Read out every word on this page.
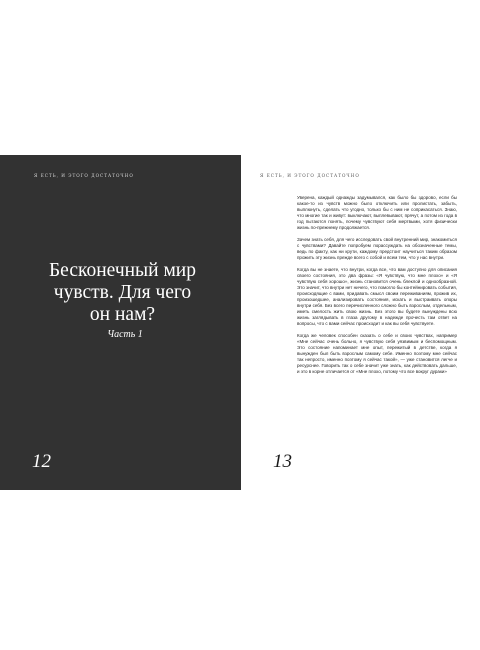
Я ЕСТЬ, И ЭТОГО ДОСТАТОЧНО
Бесконечный мир
чувств. Для чего
он нам?
Часть 1
12
Я ЕСТЬ, И ЭТОГО ДОСТАТОЧНО

Уверена, каждый однажды задумывался, как было бы здорово, если бы какое-то из чувств можно было отключить или пролистать, забыть, выплюнуть, сделать что угодно, только бы с ним не соприкасаться. Знаю, что многие так и живут: выключают, выплевывают, прячут, а потом из года в год пытаются понять, почему чувствуют себя мертвыми, хотя физически жизнь по-прежнему продолжается.

Зачем знать себя, для чего исследовать свой внутренний мир, знакомиться с чувствами? Давайте попробуем порассуждать на обозначенные темы, ведь по факту, как ни крути, каждому предстоит научиться таким образом прожить эту жизнь прежде всего с собой и всем тем, что у нас внутри.

Когда вы не знаете, что внутри, когда все, что вам доступно для описания своего состояния, это два фразы: «Я чувствую, что мне плохо» и «Я чувствую себя хорошо», жизнь становится очень блеклой и однообразной. Это значит, что внутри нет ничего, что помогло бы контейнировать события, происходящие с вами, придавать смысл своим переживаниям, прожив их, произошедшее, анализировать состояния, искать и выстраивать опоры внутри себя. Без всего перечисленного сложно быть взрослым, отдельным, иметь смелость жить свою жизнь. Без этого вы будете вынуждены всю жизнь заглядывать в глаза другому в надежде прочесть там ответ на вопросы, что с вами сейчас происходит и как вы себя чувствуете.

Когда же человек способен сказать о себе и своих чувствах, например «Мне сейчас очень больно, я чувствую себя уязвимым и беспомощным. Это состояние напоминает мне опыт, пережитый в детстве, когда я вынужден был быть взрослым самому себе. Именно поэтому мне сейчас так непросто, именно поэтому я сейчас такой», — уже становится легче и ресурснее. Говорить так о себе значит уже знать, как действовать дальше, и это в корне отличается от «Мне плохо, потому что все вокруг дураки»

13
